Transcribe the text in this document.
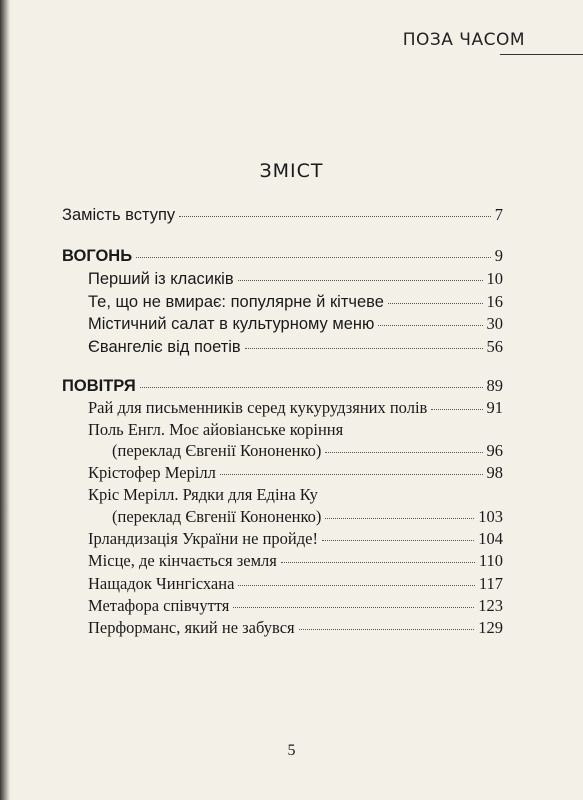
ПОЗА ЧАСОМ
ЗМІСТ
Замість вступу	7
ВОГОНЬ	9
Перший із класиків	10
Те, що не вмирає: популярне й кітчеве	16
Містичний салат в культурному меню	30
Євангеліє від поетів	56
ПОВІТРЯ	89
Рай для письменників серед кукурудзяних полів	91
Поль Енгл. Моє айовіанське коріння
(переклад Євгенії Кононенко)	96
Крістофер Мерілл	98
Кріс Мерілл. Рядки для Едіна Ку
(переклад Євгенії Кононенко)	103
Ірландизація України не пройде!	104
Місце, де кінчається земля	110
Нащадок Чингісхана	117
Метафора співчуття	123
Перформанс, який не забувся	129
5
